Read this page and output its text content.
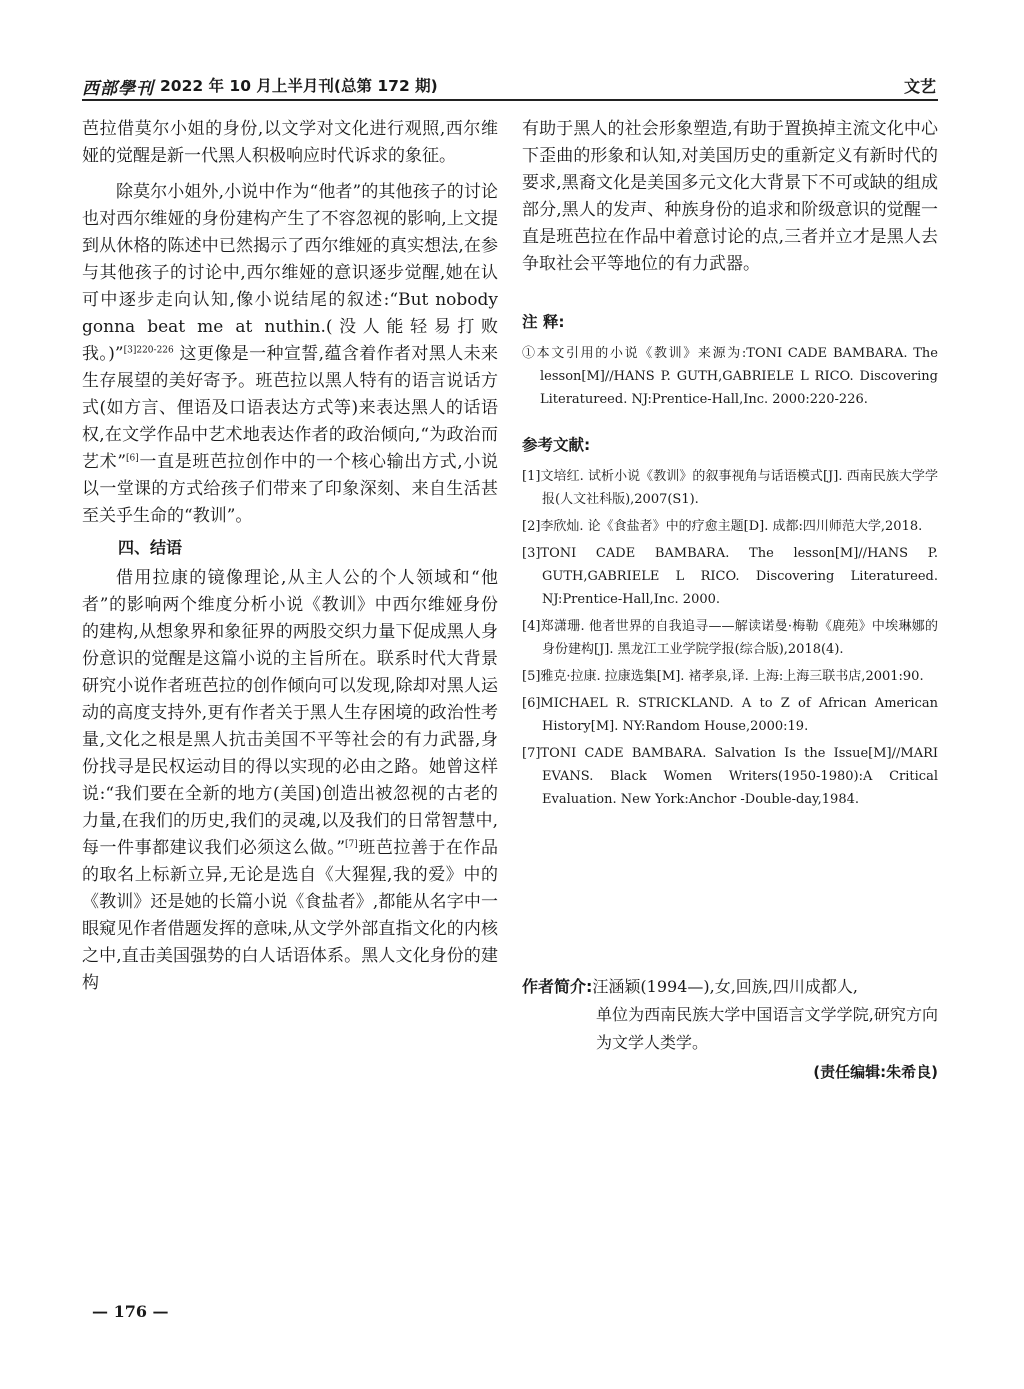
西部學刊 2022 年 10 月上半月刊(总第 172 期)	文艺

芭拉借莫尔小姐的身份,以文学对文化进行观照,西尔维娅的觉醒是新一代黑人积极响应时代诉求的象征。

除莫尔小姐外,小说中作为“他者”的其他孩子的讨论也对西尔维娅的身份建构产生了不容忽视的影响,上文提到从休格的陈述中已然揭示了西尔维娅的真实想法,在参与其他孩子的讨论中,西尔维娅的意识逐步觉醒,她在认可中逐步走向认知,像小说结尾的叙述:“But nobody gonna beat me at nuthin.(没人能轻易打败我。)”$^{[3]220-226}$ 这更像是一种宣誓,蕴含着作者对黑人未来生存展望的美好寄予。班芭拉以黑人特有的语言说话方式(如方言、俚语及口语表达方式等)来表达黑人的话语权,在文学作品中艺术地表达作者的政治倾向,“为政治而艺术”[6]一直是班芭拉创作中的一个核心输出方式,小说以一堂课的方式给孩子们带来了印象深刻、来自生活甚至关乎生命的“教训”。

四、结语

借用拉康的镜像理论,从主人公的个人领域和“他者”的影响两个维度分析小说《教训》中西尔维娅身份的建构,从想象界和象征界的两股交织力量下促成黑人身份意识的觉醒是这篇小说的主旨所在。联系时代大背景研究小说作者班芭拉的创作倾向可以发现,除却对黑人运动的高度支持外,更有作者关于黑人生存困境的政治性考量,文化之根是黑人抗击美国不平等社会的有力武器,身份找寻是民权运动目的得以实现的必由之路。她曾这样说:“我们要在全新的地方(美国)创造出被忽视的古老的力量,在我们的历史,我们的灵魂,以及我们的日常智慧中,每一件事都建议我们必须这么做。”[7]班芭拉善于在作品的取名上标新立异,无论是选自《大猩猩,我的爱》中的《教训》还是她的长篇小说《食盐者》,都能从名字中一眼窥见作者借题发挥的意味,从文学外部直指文化的内核之中,直击美国强势的白人话语体系。黑人文化身份的建构

有助于黑人的社会形象塑造,有助于置换掉主流文化中心下歪曲的形象和认知,对美国历史的重新定义有新时代的要求,黑裔文化是美国多元文化大背景下不可或缺的组成部分,黑人的发声、种族身份的追求和阶级意识的觉醒一直是班芭拉在作品中着意讨论的点,三者并立才是黑人去争取社会平等地位的有力武器。

注 释:
①本文引用的小说《教训》来源为:TONI CADE BAMBARA. The lesson[M]//HANS P. GUTH,GABRIELE L RICO. Discovering Literatureed. NJ:Prentice-Hall,Inc. 2000:220-226.
参考文献:
[1]文培红. 试析小说《教训》的叙事视角与话语模式[J]. 西南民族大学学报(人文社科版),2007(S1).
[2]李欣灿. 论《食盐者》中的疗愈主题[D]. 成都:四川师范大学,2018.
[3]TONI CADE BAMBARA. The lesson[M]//HANS P. GUTH,GABRIELE L RICO. Discovering Literatureed. NJ:Prentice-Hall,Inc. 2000.
[4]郑潇珊. 他者世界的自我追寻——解读诺曼·梅勒《鹿苑》中埃琳娜的身份建构[J]. 黑龙江工业学院学报(综合版),2018(4).
[5]雅克·拉康. 拉康选集[M]. 褚孝泉,译. 上海:上海三联书店,2001:90.
[6]MICHAEL R. STRICKLAND. A to Z of African American History[M]. NY:Random House,2000:19.
[7]TONI CADE BAMBARA. Salvation Is the Issue[M]//MARI EVANS. Black Women Writers(1950-1980):A Critical Evaluation. New York:Anchor -Double-day,1984.
作者简介:汪涵颖(1994—),女,回族,四川成都人,
单位为西南民族大学中国语言文学学院,研究方向为文学人类学。
(责任编辑:朱希良)
— 176 —
